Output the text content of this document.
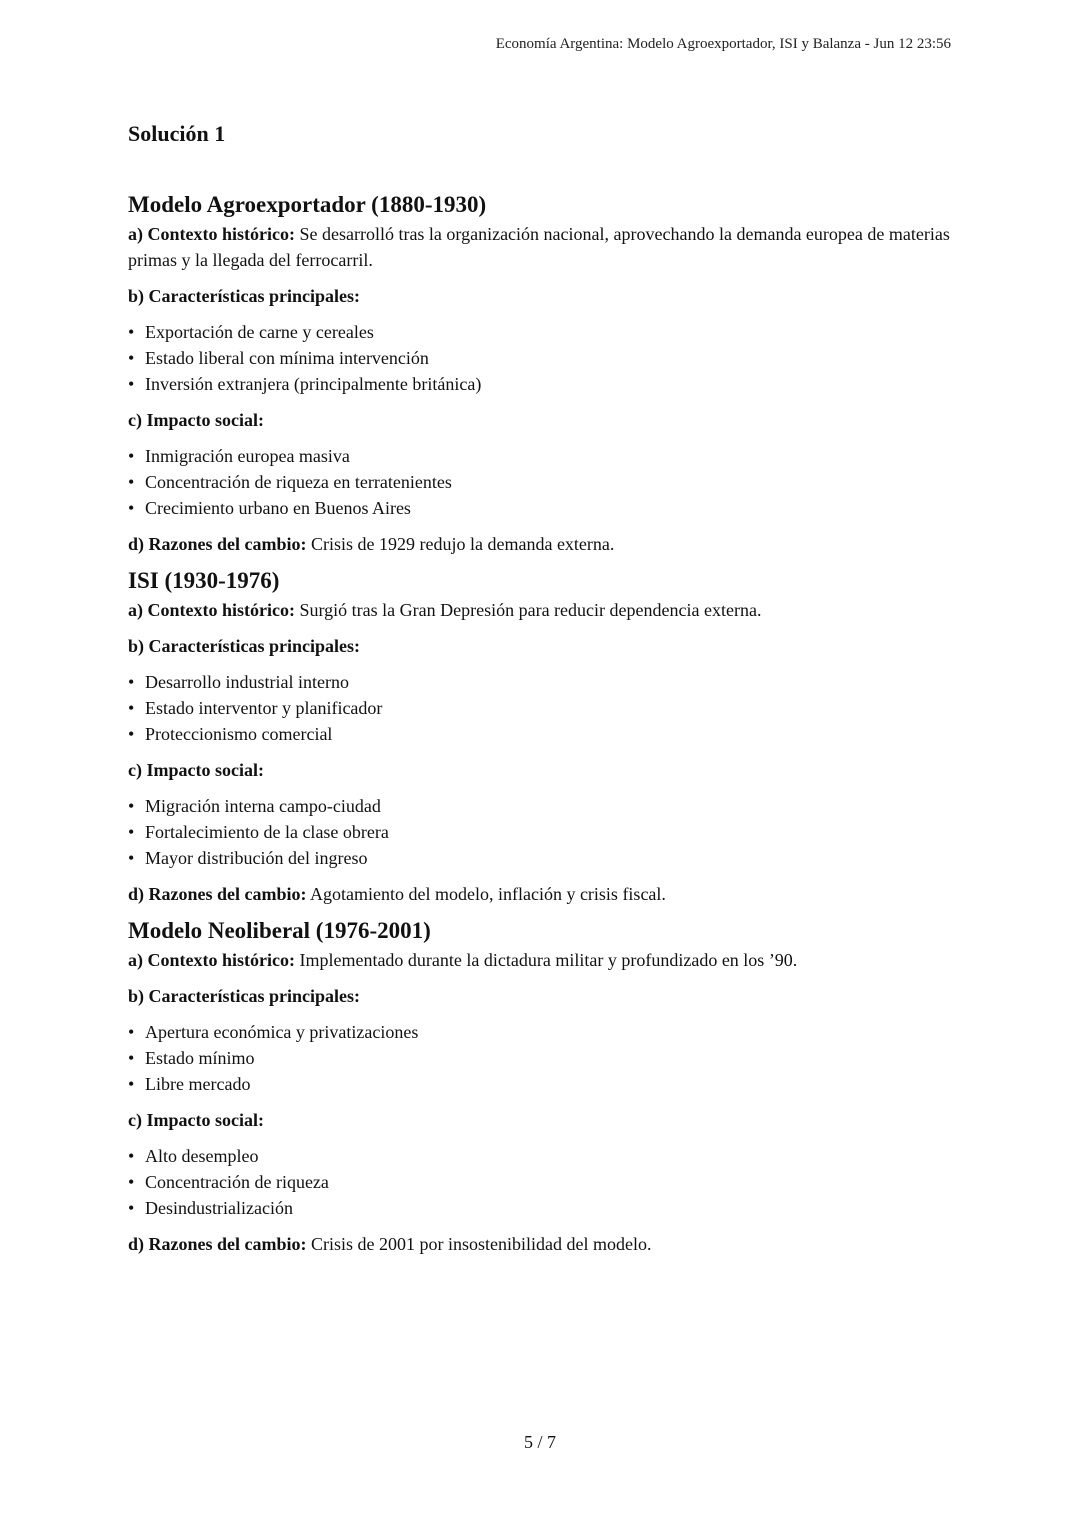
Economía Argentina: Modelo Agroexportador, ISI y Balanza - Jun 12 23:56
Solución 1
Modelo Agroexportador (1880-1930)

a) Contexto histórico: Se desarrolló tras la organización nacional, aprovechando la demanda europea de materias primas y la llegada del ferrocarril.

b) Características principales:
• Exportación de carne y cereales
• Estado liberal con mínima intervención
• Inversión extranjera (principalmente británica)
c) Impacto social:
• Inmigración europea masiva
• Concentración de riqueza en terratenientes
• Crecimiento urbano en Buenos Aires

d) Razones del cambio: Crisis de 1929 redujo la demanda externa.

ISI (1930-1976)

a) Contexto histórico: Surgió tras la Gran Depresión para reducir dependencia externa.

b) Características principales:
• Desarrollo industrial interno
• Estado interventor y planificador
• Proteccionismo comercial
c) Impacto social:
• Migración interna campo-ciudad
• Fortalecimiento de la clase obrera
• Mayor distribución del ingreso

d) Razones del cambio: Agotamiento del modelo, inflación y crisis fiscal.

Modelo Neoliberal (1976-2001)

a) Contexto histórico: Implementado durante la dictadura militar y profundizado en los ’90.

b) Características principales:
• Apertura económica y privatizaciones
• Estado mínimo
• Libre mercado
c) Impacto social:
• Alto desempleo
• Concentración de riqueza
• Desindustrialización

d) Razones del cambio: Crisis de 2001 por insostenibilidad del modelo.

5 / 7
